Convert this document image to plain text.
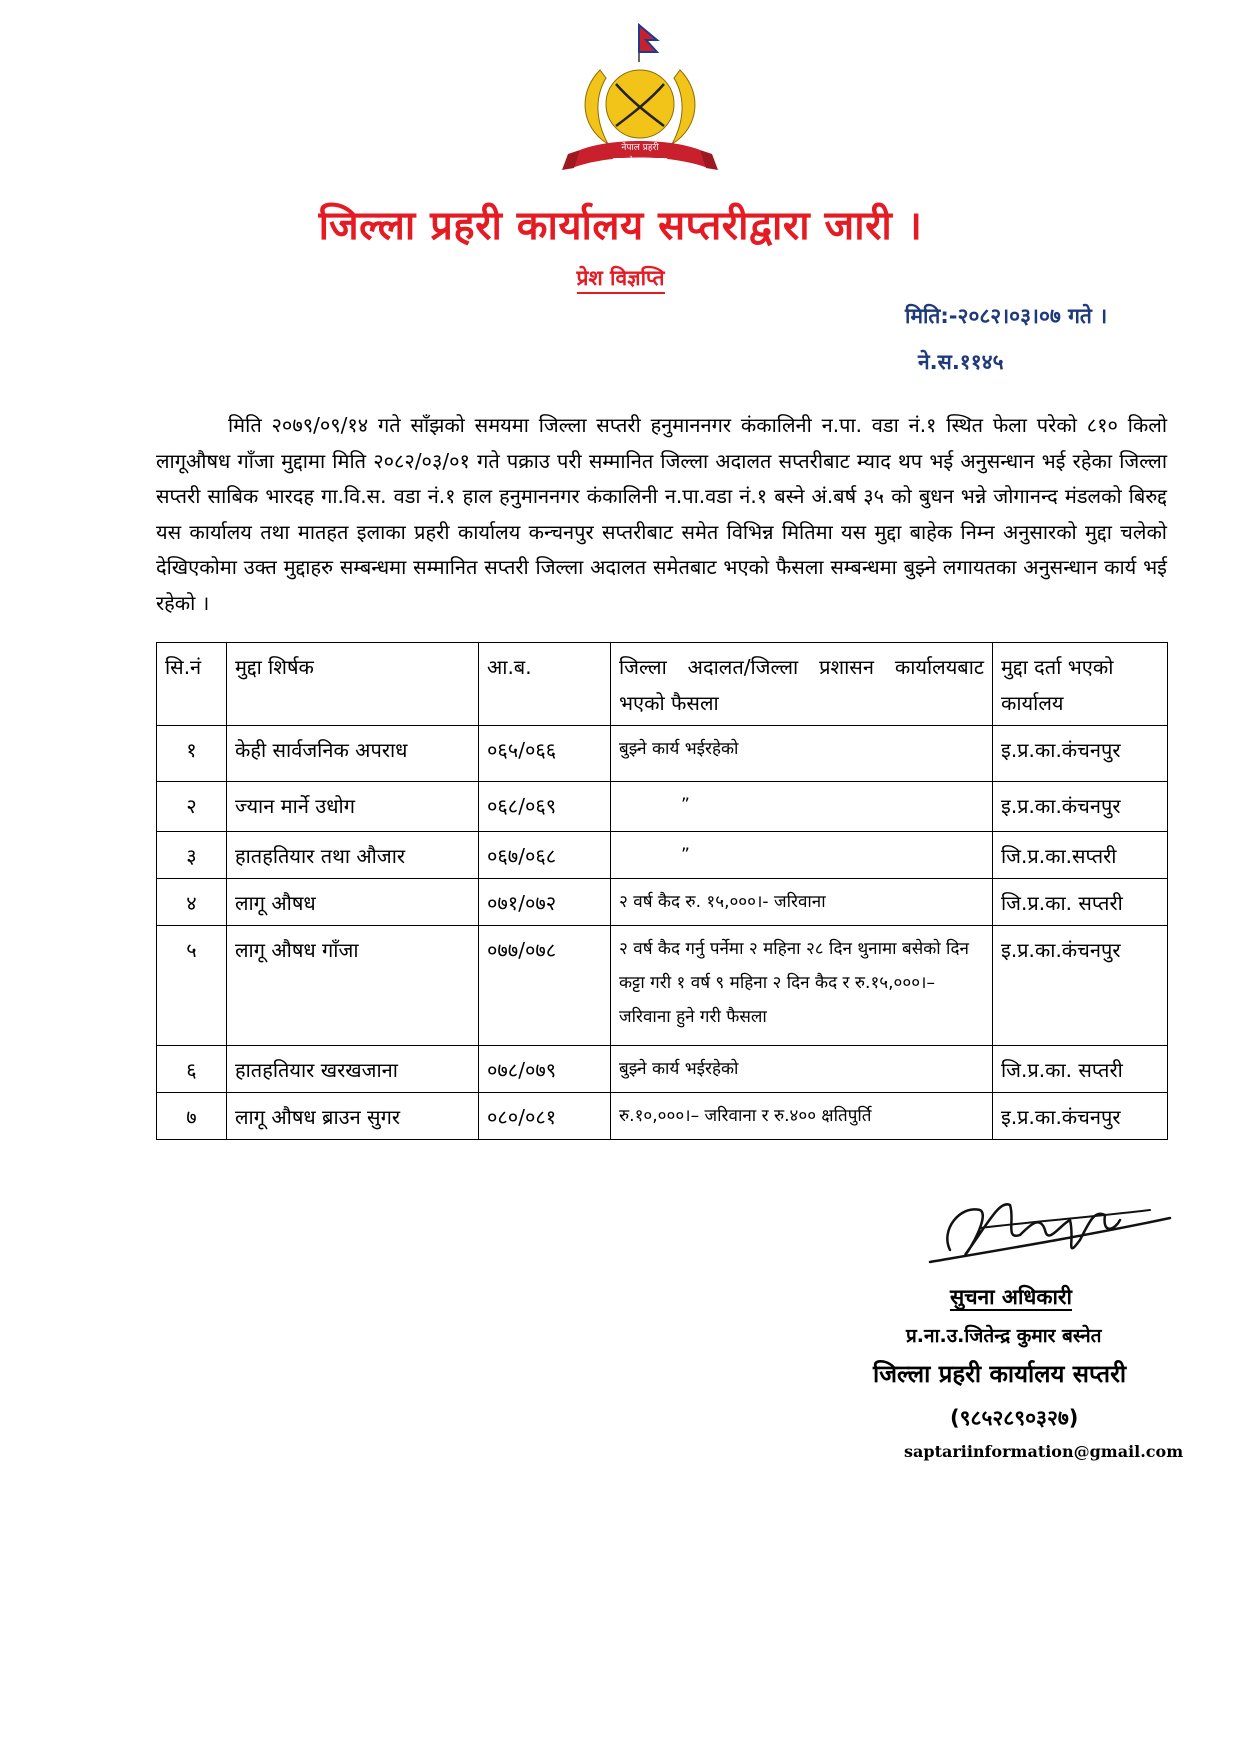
नेपाल प्रहरी
सत्य सेवा सुरक्षणम्
जिल्ला प्रहरी कार्यालय सप्तरीद्वारा जारी ।
प्रेश विज्ञप्ति
मिति:-२०८२।०३।०७ गते ।
ने.स.११४५
मिति २०७९/०९/१४ गते साँझको समयमा जिल्ला सप्तरी हनुमाननगर कंकालिनी न.पा. वडा नं.१ स्थित फेला परेको ८१० किलो लागूऔषध गाँजा मुद्दामा मिति २०८२/०३/०१ गते पक्राउ परी सम्मानित जिल्ला अदालत सप्तरीबाट म्याद थप भई अनुसन्धान भई रहेका जिल्ला सप्तरी साबिक भारदह गा.वि.स. वडा नं.१ हाल हनुमाननगर कंकालिनी न.पा.वडा नं.१ बस्ने अं.बर्ष ३५ को बुधन भन्ने जोगानन्द मंडलको बिरुद्द यस कार्यालय तथा मातहत इलाका प्रहरी कार्यालय कन्चनपुर सप्तरीबाट समेत विभिन्न मितिमा यस मुद्दा बाहेक निम्न अनुसारको मुद्दा चलेको देखिएकोमा उक्त मुद्दाहरु सम्बन्धमा सम्मानित सप्तरी जिल्ला अदालत समेतबाट भएको फैसला सम्बन्धमा बुझ्ने लगायतका अनुसन्धान कार्य भई रहेको ।
सि.नं	मुद्दा शिर्षक	आ.ब.	जिल्ला अदालत/जिल्ला प्रशासन कार्यालयबाट भएको फैसला	मुद्दा दर्ता भएको कार्यालय
१	केही सार्वजनिक अपराध	०६५/०६६	बुझ्ने कार्य भईरहेको	इ.प्र.का.कंचनपुर
२	ज्यान मार्ने उधोग	०६८/०६९	”	इ.प्र.का.कंचनपुर
३	हातहतियार तथा औजार	०६७/०६८	”	जि.प्र.का.सप्तरी
४	लागू औषध	०७१/०७२	२ वर्ष कैद रु. १५,०००।- जरिवाना	जि.प्र.का. सप्तरी
५	लागू औषध गाँजा	०७७/०७८	२ वर्ष कैद गर्नु पर्नेमा २ महिना २८ दिन थुनामा बसेको दिन कट्टा गरी १ वर्ष ९ महिना २ दिन कैद र रु.१५,०००।– जरिवाना हुने गरी फैसला	इ.प्र.का.कंचनपुर
६	हातहतियार खरखजाना	०७८/०७९	बुझ्ने कार्य भईरहेको	जि.प्र.का. सप्तरी
७	लागू औषध ब्राउन सुगर	०८०/०८१	रु.१०,०००।– जरिवाना र रु.४०० क्षतिपुर्ति	इ.प्र.का.कंचनपुर
सुचना अधिकारी
प्र.ना.उ.जितेन्द्र कुमार बस्नेत
जिल्ला प्रहरी कार्यालय सप्तरी
(९८५२८९०३२७)
saptariinformation@gmail.com
